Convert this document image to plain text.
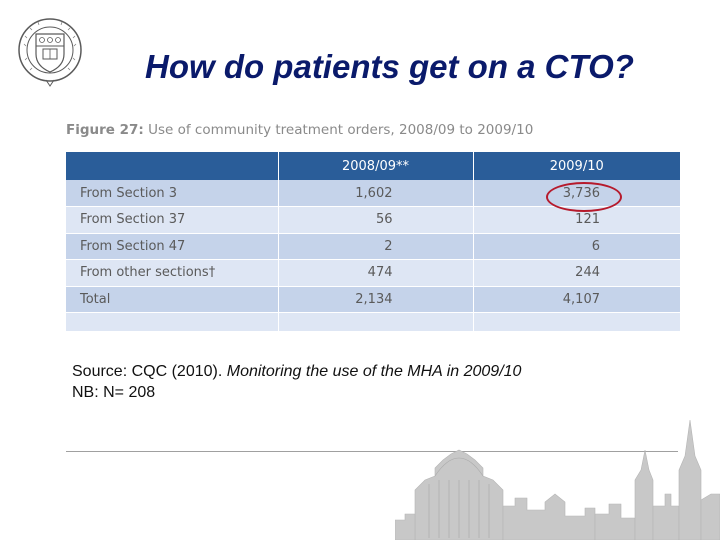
How do patients get on a CTO?
Figure 27: Use of community treatment orders, 2008/09 to 2009/10
	2008/09**	2009/10
From Section 3	1,602	3,736
From Section 37	56	121
From Section 47	2	6
From other sections†	474	244
Total	2,134	4,107

Source: CQC (2010). Monitoring the use of the MHA in 2009/10
NB: N= 208
